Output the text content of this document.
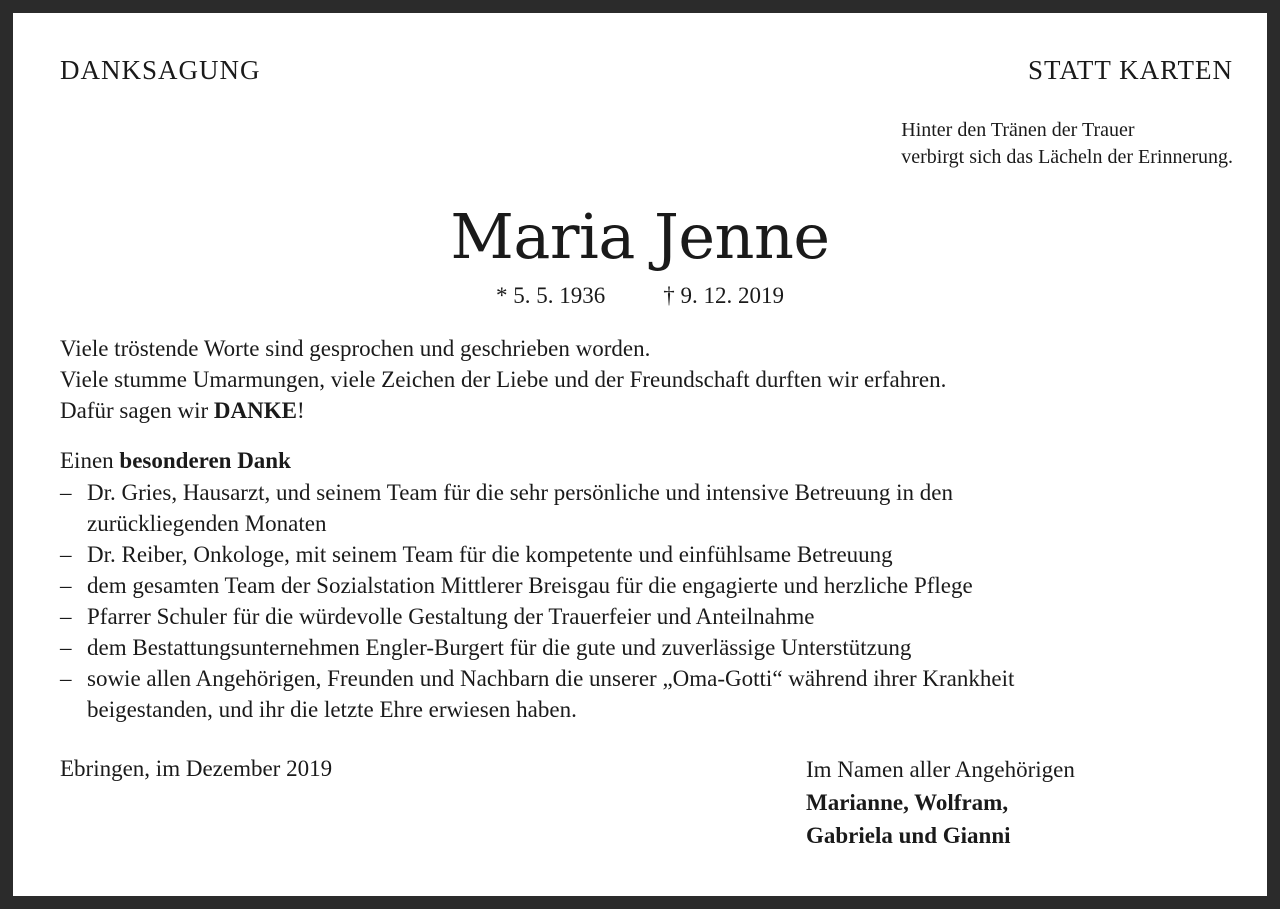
DANKSAGUNG	STATT KARTEN
Hinter den Tränen der Trauer
verbirgt sich das Lächeln der Erinnerung.
Maria Jenne
* 5. 5. 1936	† 9. 12. 2019
Viele tröstende Worte sind gesprochen und geschrieben worden.
Viele stumme Umarmungen, viele Zeichen der Liebe und der Freundschaft durften wir erfahren.
Dafür sagen wir DANKE!
Einen besonderen Dank
– Dr. Gries, Hausarzt, und seinem Team für die sehr persönliche und intensive Betreuung in den
zurückliegenden Monaten
– Dr. Reiber, Onkologe, mit seinem Team für die kompetente und einfühlsame Betreuung
– dem gesamten Team der Sozialstation Mittlerer Breisgau für die engagierte und herzliche Pflege
– Pfarrer Schuler für die würdevolle Gestaltung der Trauerfeier und Anteilnahme
– dem Bestattungsunternehmen Engler-Burgert für die gute und zuverlässige Unterstützung
– sowie allen Angehörigen, Freunden und Nachbarn die unserer „Oma-Gotti“ während ihrer Krankheit
beigestanden, und ihr die letzte Ehre erwiesen haben.
Ebringen, im Dezember 2019	Im Namen aller Angehörigen
Marianne, Wolfram,
Gabriela und Gianni
